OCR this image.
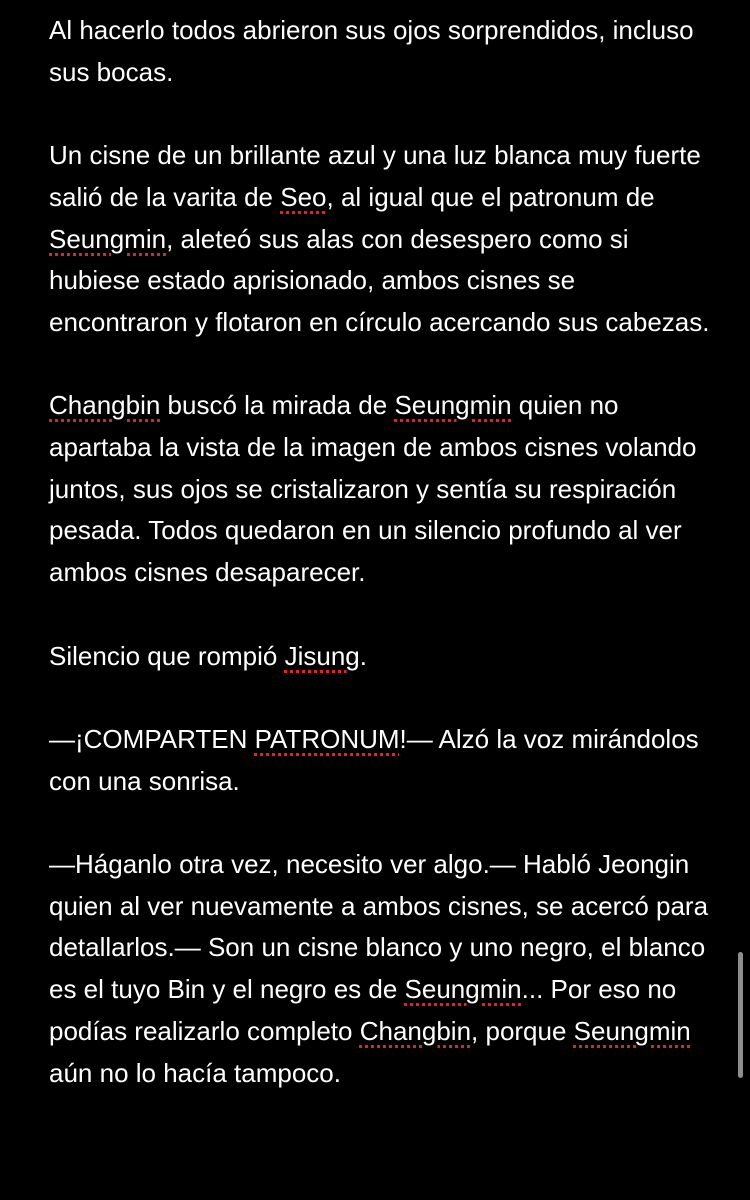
Al hacerlo todos abrieron sus ojos sorprendidos, incluso sus bocas.

Un cisne de un brillante azul y una luz blanca muy fuerte salió de la varita de Seo, al igual que el patronum de Seungmin, aleteó sus alas con desespero como si hubiese estado aprisionado, ambos cisnes se encontraron y flotaron en círculo acercando sus cabezas.

Changbin buscó la mirada de Seungmin quien no apartaba la vista de la imagen de ambos cisnes volando juntos, sus ojos se cristalizaron y sentía su respiración pesada. Todos quedaron en un silencio profundo al ver ambos cisnes desaparecer.

Silencio que rompió Jisung.

—¡COMPARTEN PATRONUM!— Alzó la voz mirándolos con una sonrisa.

—Háganlo otra vez, necesito ver algo.— Habló Jeongin quien al ver nuevamente a ambos cisnes, se acercó para detallarlos.— Son un cisne blanco y uno negro, el blanco es el tuyo Bin y el negro es de Seungmin... Por eso no podías realizarlo completo Changbin, porque Seungmin aún no lo hacía tampoco.
